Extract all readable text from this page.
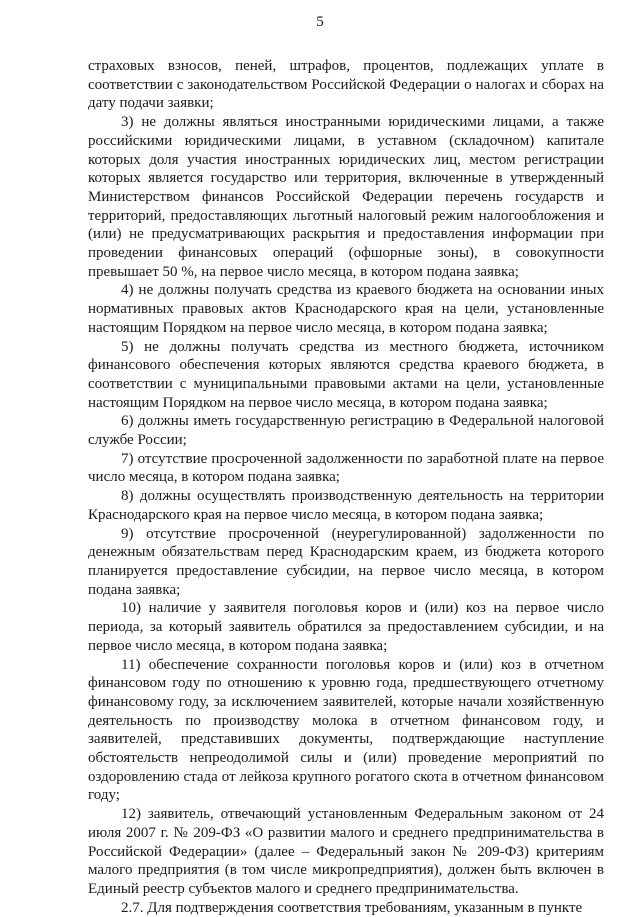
5

страховых взносов, пеней, штрафов, процентов, подлежащих уплате в соответствии с законодательством Российской Федерации о налогах и сборах на дату подачи заявки;

3) не должны являться иностранными юридическими лицами, а также российскими юридическими лицами, в уставном (складочном) капитале которых доля участия иностранных юридических лиц, местом регистрации которых является государство или территория, включенные в утвержденный Министерством финансов Российской Федерации перечень государств и территорий, предоставляющих льготный налоговый режим налогообложения и (или) не предусматривающих раскрытия и предоставления информации при проведении финансовых операций (офшорные зоны), в совокупности превышает 50 %, на первое число месяца, в котором подана заявка;

4) не должны получать средства из краевого бюджета на основании иных нормативных правовых актов Краснодарского края на цели, установленные настоящим Порядком на первое число месяца, в котором подана заявка;

5) не должны получать средства из местного бюджета, источником финансового обеспечения которых являются средства краевого бюджета, в соответствии с муниципальными правовыми актами на цели, установленные настоящим Порядком на первое число месяца, в котором подана заявка;

6) должны иметь государственную регистрацию в Федеральной налоговой службе России;

7) отсутствие просроченной задолженности по заработной плате на первое число месяца, в котором подана заявка;

8) должны осуществлять производственную деятельность на территории Краснодарского края на первое число месяца, в котором подана заявка;

9) отсутствие просроченной (неурегулированной) задолженности по денежным обязательствам перед Краснодарским краем, из бюджета которого планируется предоставление субсидии, на первое число месяца, в котором подана заявка;

10) наличие у заявителя поголовья коров и (или) коз на первое число периода, за который заявитель обратился за предоставлением субсидии, и на первое число месяца, в котором подана заявка;

11) обеспечение сохранности поголовья коров и (или) коз в отчетном финансовом году по отношению к уровню года, предшествующего отчетному финансовому году, за исключением заявителей, которые начали хозяйственную деятельность по производству молока в отчетном финансовом году, и заявителей, представивших документы, подтверждающие наступление обстоятельств непреодолимой силы и (или) проведение мероприятий по оздоровлению стада от лейкоза крупного рогатого скота в отчетном финансовом году;

12) заявитель, отвечающий установленным Федеральным законом от 24 июля 2007 г. № 209-ФЗ «О развитии малого и среднего предпринимательства в Российской Федерации» (далее – Федеральный закон № 209-ФЗ) критериям малого предприятия (в том числе микропредприятия), должен быть включен в Единый реестр субъектов малого и среднего предпринимательства.

2.7. Для подтверждения соответствия требованиям, указанным в пункте
